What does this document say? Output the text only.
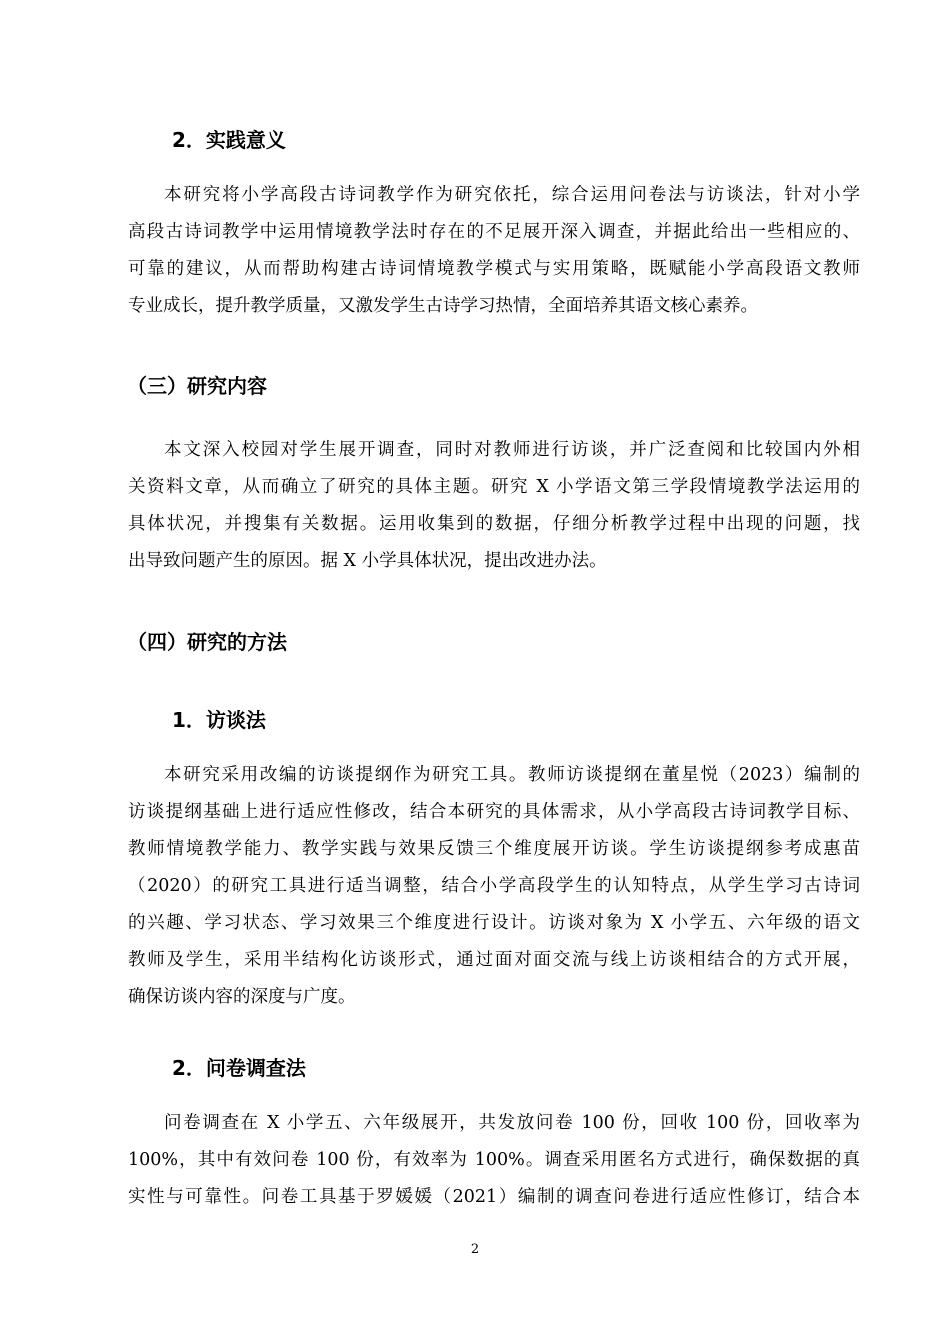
2．实践意义
本研究将小学高段古诗词教学作为研究依托，综合运用问卷法与访谈法，针对小学
高段古诗词教学中运用情境教学法时存在的不足展开深入调查，并据此给出一些相应的、
可靠的建议，从而帮助构建古诗词情境教学模式与实用策略，既赋能小学高段语文教师
专业成长，提升教学质量，又激发学生古诗学习热情，全面培养其语文核心素养。
（三）研究内容
本文深入校园对学生展开调查，同时对教师进行访谈，并广泛查阅和比较国内外相
关资料文章，从而确立了研究的具体主题。研究 X 小学语文第三学段情境教学法运用的
具体状况，并搜集有关数据。运用收集到的数据，仔细分析教学过程中出现的问题，找
出导致问题产生的原因。据 X 小学具体状况，提出改进办法。
（四）研究的方法
1．访谈法
本研究采用改编的访谈提纲作为研究工具。教师访谈提纲在董星悦（2023）编制的
访谈提纲基础上进行适应性修改，结合本研究的具体需求，从小学高段古诗词教学目标、
教师情境教学能力、教学实践与效果反馈三个维度展开访谈。学生访谈提纲参考成惠苗
（2020）的研究工具进行适当调整，结合小学高段学生的认知特点，从学生学习古诗词
的兴趣、学习状态、学习效果三个维度进行设计。访谈对象为 X 小学五、六年级的语文
教师及学生，采用半结构化访谈形式，通过面对面交流与线上访谈相结合的方式开展，
确保访谈内容的深度与广度。
2．问卷调查法
问卷调查在 X 小学五、六年级展开，共发放问卷 100 份，回收 100 份，回收率为
100%，其中有效问卷 100 份，有效率为 100%。调查采用匿名方式进行，确保数据的真
实性与可靠性。问卷工具基于罗媛媛（2021）编制的调查问卷进行适应性修订，结合本
2
